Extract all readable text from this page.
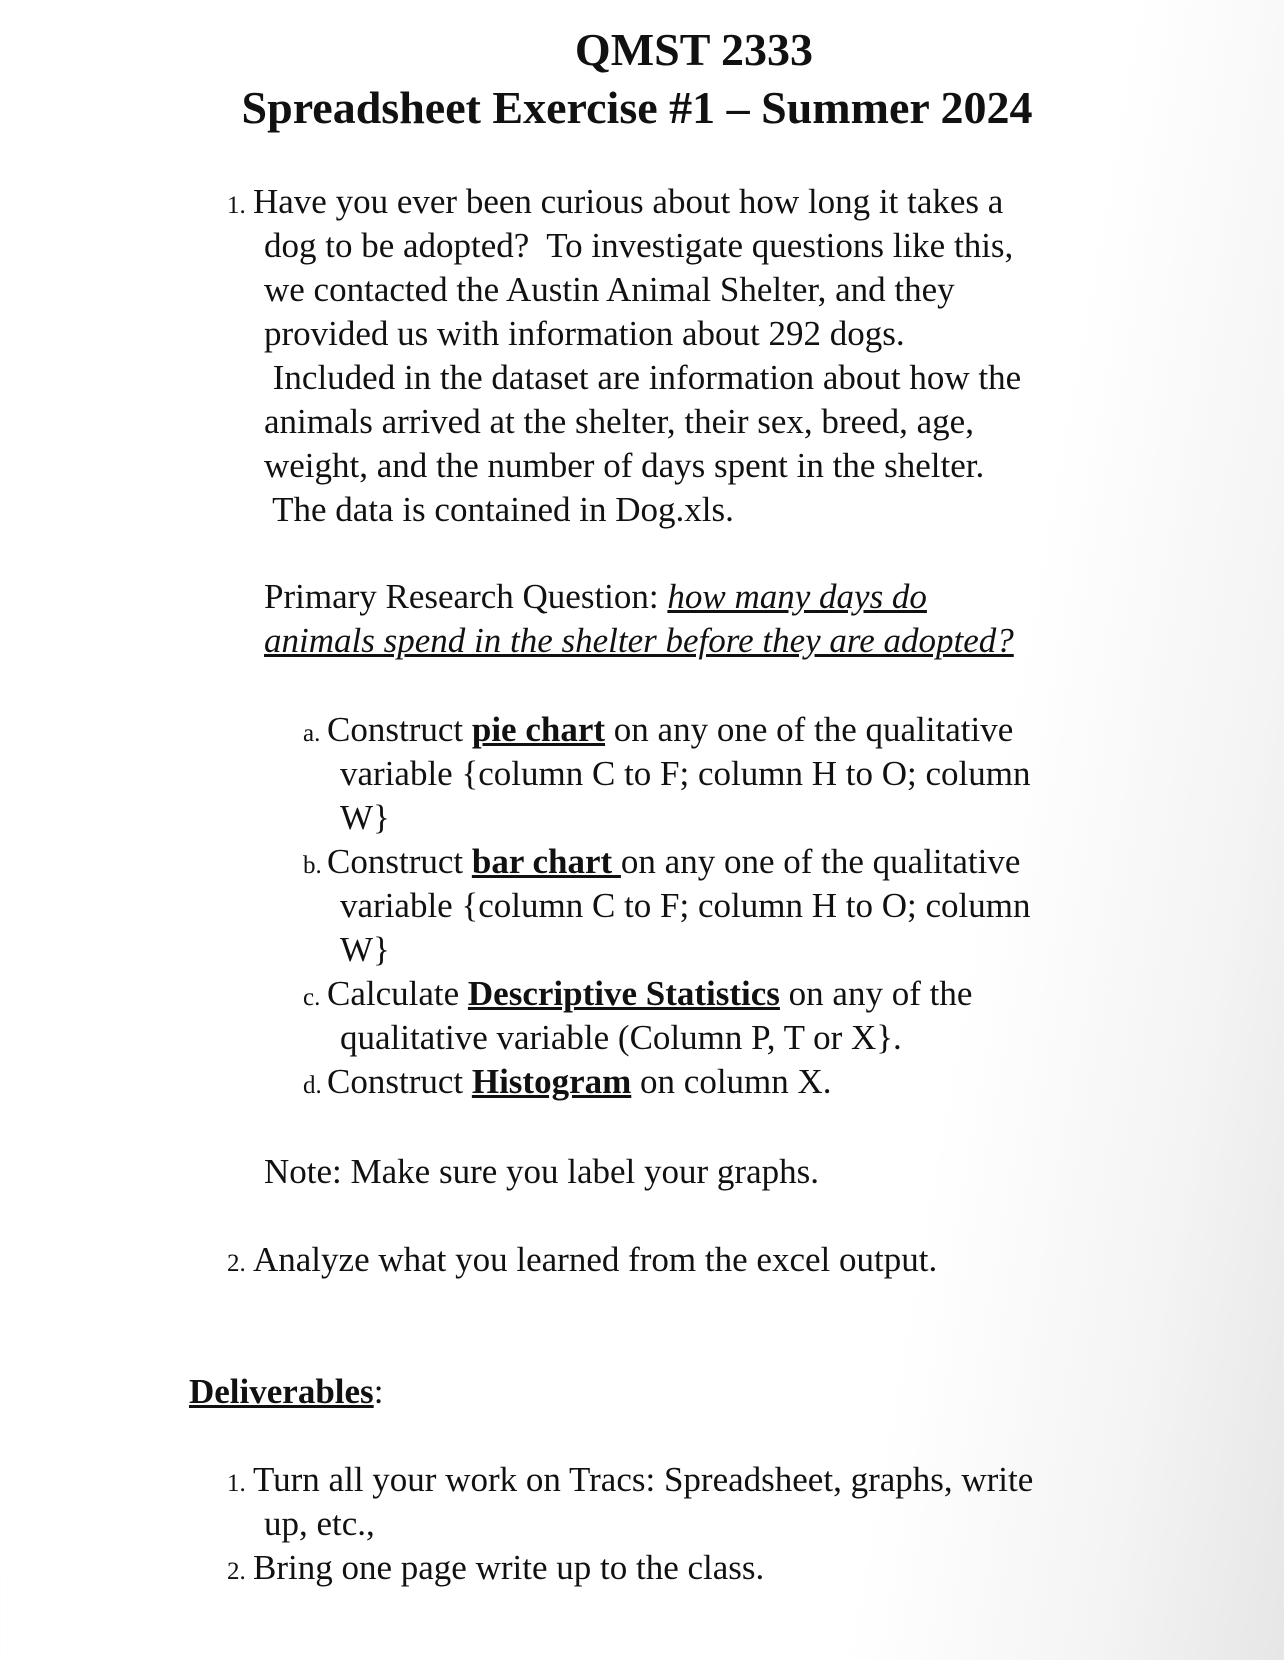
QMST 2333
Spreadsheet Exercise #1 – Summer 2024
1. Have you ever been curious about how long it takes a
dog to be adopted?  To investigate questions like this,
we contacted the Austin Animal Shelter, and they
provided us with information about 292 dogs.
Included in the dataset are information about how the
animals arrived at the shelter, their sex, breed, age,
weight, and the number of days spent in the shelter.
The data is contained in Dog.xls.
Primary Research Question: how many days do
animals spend in the shelter before they are adopted?
a. Construct pie chart on any one of the qualitative
variable {column C to F; column H to O; column
W}
b. Construct bar chart on any one of the qualitative
variable {column C to F; column H to O; column
W}
c. Calculate Descriptive Statistics on any of the
qualitative variable (Column P, T or X}.
d. Construct Histogram on column X.
Note: Make sure you label your graphs.
2. Analyze what you learned from the excel output.
Deliverables:
1. Turn all your work on Tracs: Spreadsheet, graphs, write
up, etc.,
2. Bring one page write up to the class.
